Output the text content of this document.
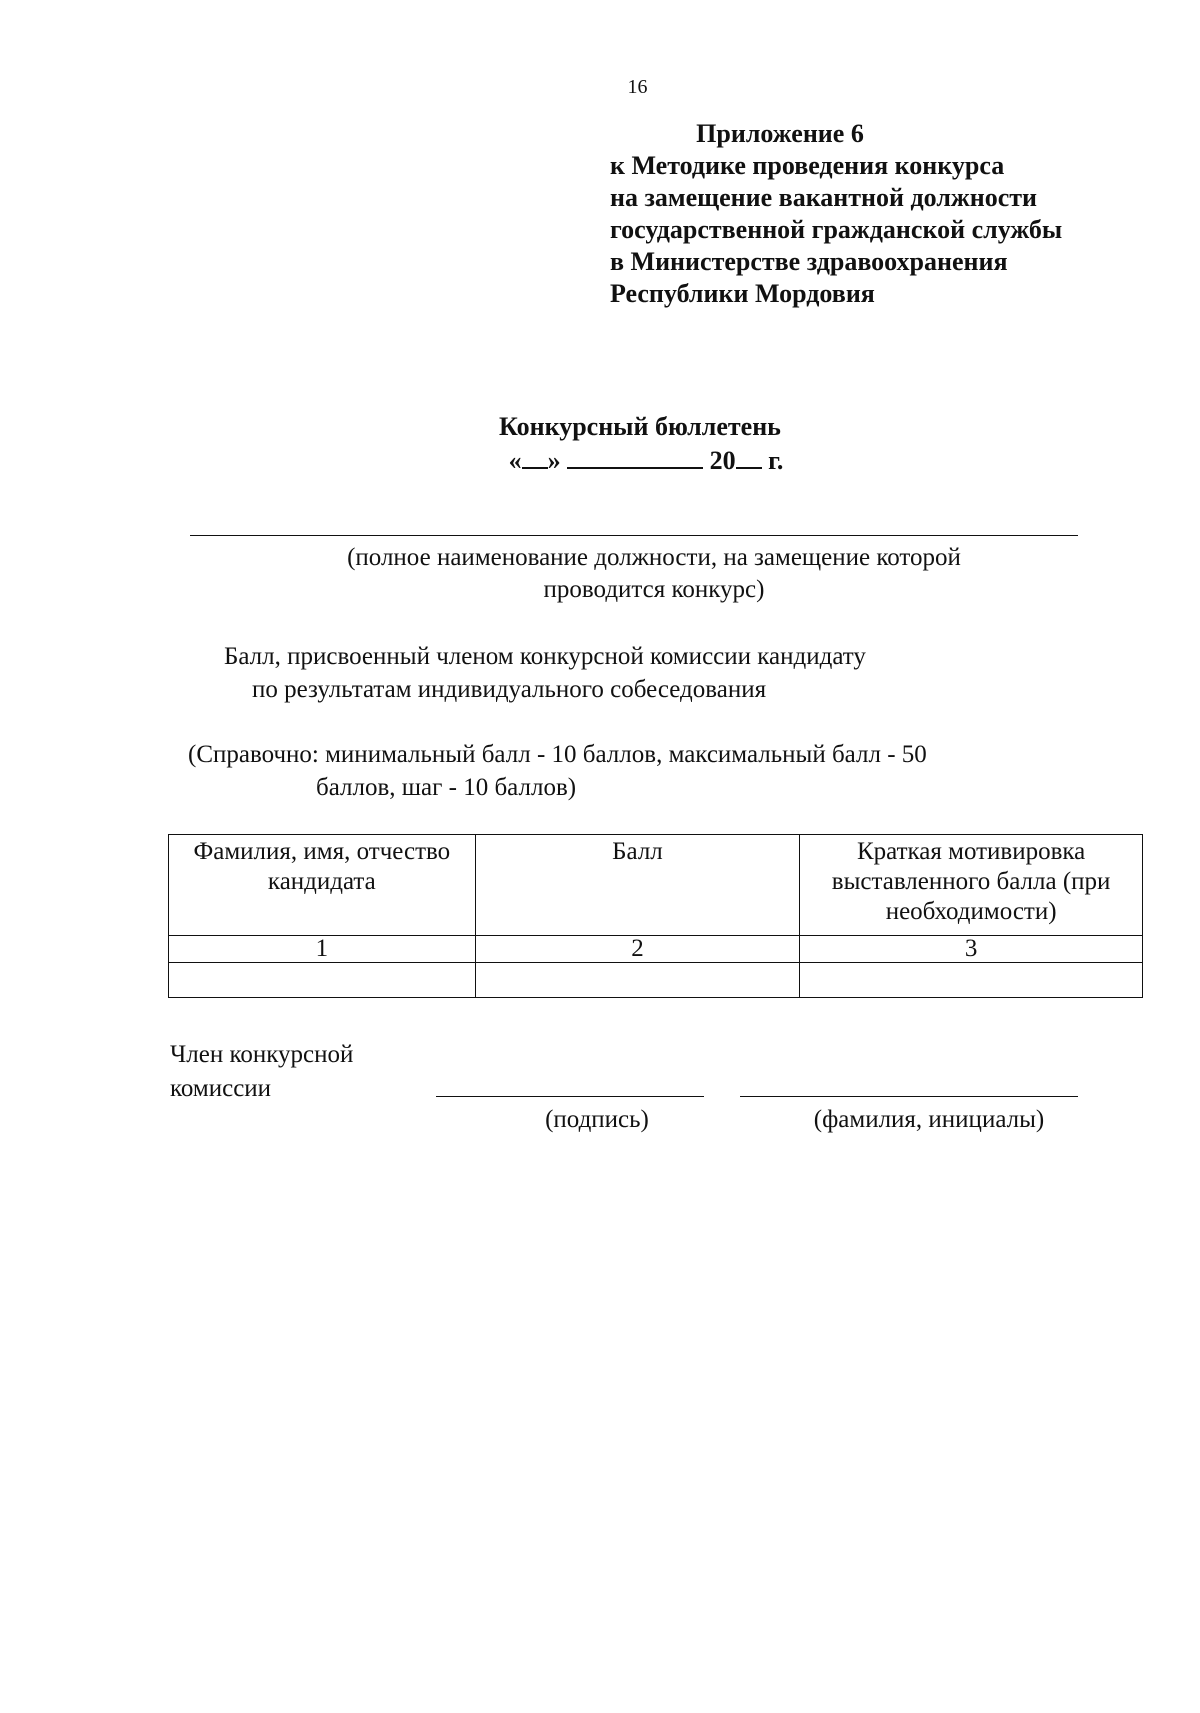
16
Приложение 6
к Методике проведения конкурса
на замещение вакантной должности
государственной гражданской службы
в Министерстве здравоохранения
Республики Мордовия
Конкурсный бюллетень
« »	20 г.
(полное наименование должности, на замещение которой
проводится конкурс)
Балл, присвоенный членом конкурсной комиссии кандидату
по результатам индивидуального собеседования
(Справочно: минимальный балл - 10 баллов, максимальный балл - 50
баллов, шаг - 10 баллов)
Фамилия, имя, отчество кандидата	Балл	Краткая мотивировка выставленного балла (при необходимости)
1	2	3

Член конкурсной
комиссии
(подпись)	(фамилия, инициалы)
